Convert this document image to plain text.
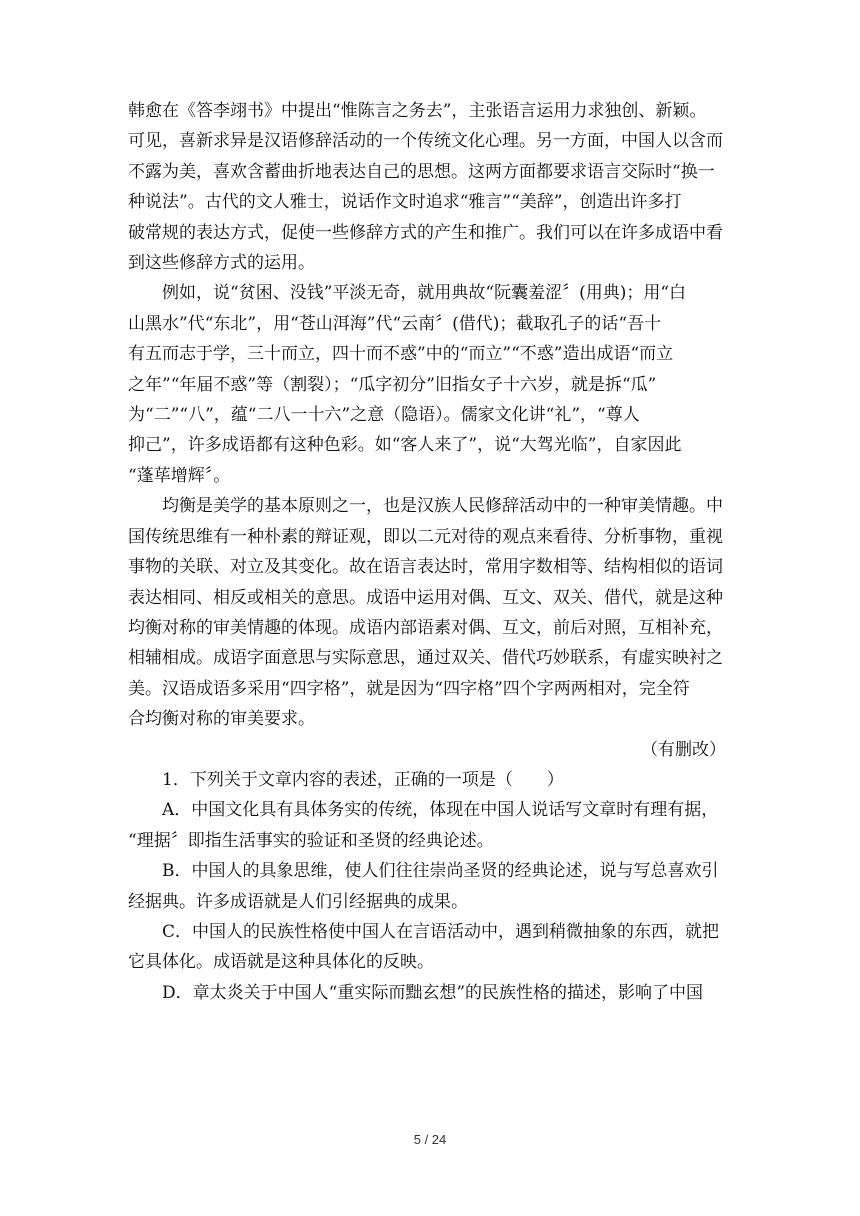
韩愈在《答李翊书》中提出“惟陈言之务去”，主张语言运用力求独创、新颖。
可见，喜新求异是汉语修辞活动的一个传统文化心理。另一方面，中国人以含而
不露为美，喜欢含蓄曲折地表达自己的思想。这两方面都要求语言交际时“换一
种说法”。古代的文人雅士，说话作文时追求“雅言”“美辞”，创造出许多打
破常规的表达方式，促使一些修辞方式的产生和推广。我们可以在许多成语中看
到这些修辞方式的运用。

例如，说“贫困、没钱”平淡无奇，就用典故“阮囊羞涩〞(用典)；用“白
山黑水”代“东北”，用“苍山洱海”代“云南〞(借代)；截取孔子的话“吾十
有五而志于学，三十而立，四十而不惑”中的“而立”“不惑”造出成语“而立
之年”“年届不惑”等（割裂）；“瓜字初分”旧指女子十六岁，就是拆“瓜”
为“二”“八”，蕴“二八一十六”之意（隐语）。儒家文化讲“礼”，“尊人
抑己”，许多成语都有这种色彩。如“客人来了”，说“大驾光临”，自家因此
“蓬荜增辉〞。

均衡是美学的基本原则之一，也是汉族人民修辞活动中的一种审美情趣。中
国传统思维有一种朴素的辩证观，即以二元对待的观点来看待、分析事物，重视
事物的关联、对立及其变化。故在语言表达时，常用字数相等、结构相似的语词
表达相同、相反或相关的意思。成语中运用对偶、互文、双关、借代，就是这种
均衡对称的审美情趣的体现。成语内部语素对偶、互文，前后对照，互相补充，
相辅相成。成语字面意思与实际意思，通过双关、借代巧妙联系，有虚实映衬之
美。汉语成语多采用“四字格”，就是因为“四字格”四个字两两相对，完全符
合均衡对称的审美要求。

（有删改）

1．下列关于文章内容的表述，正确的一项是（　　）

A．中国文化具有具体务实的传统，体现在中国人说话写文章时有理有据，
“理据〞即指生活事实的验证和圣贤的经典论述。

B．中国人的具象思维，使人们往往崇尚圣贤的经典论述，说与写总喜欢引
经据典。许多成语就是人们引经据典的成果。

C．中国人的民族性格使中国人在言语活动中，遇到稍微抽象的东西，就把
它具体化。成语就是这种具体化的反映。

D．章太炎关于中国人“重实际而黜玄想”的民族性格的描述，影响了中国

5 / 24
